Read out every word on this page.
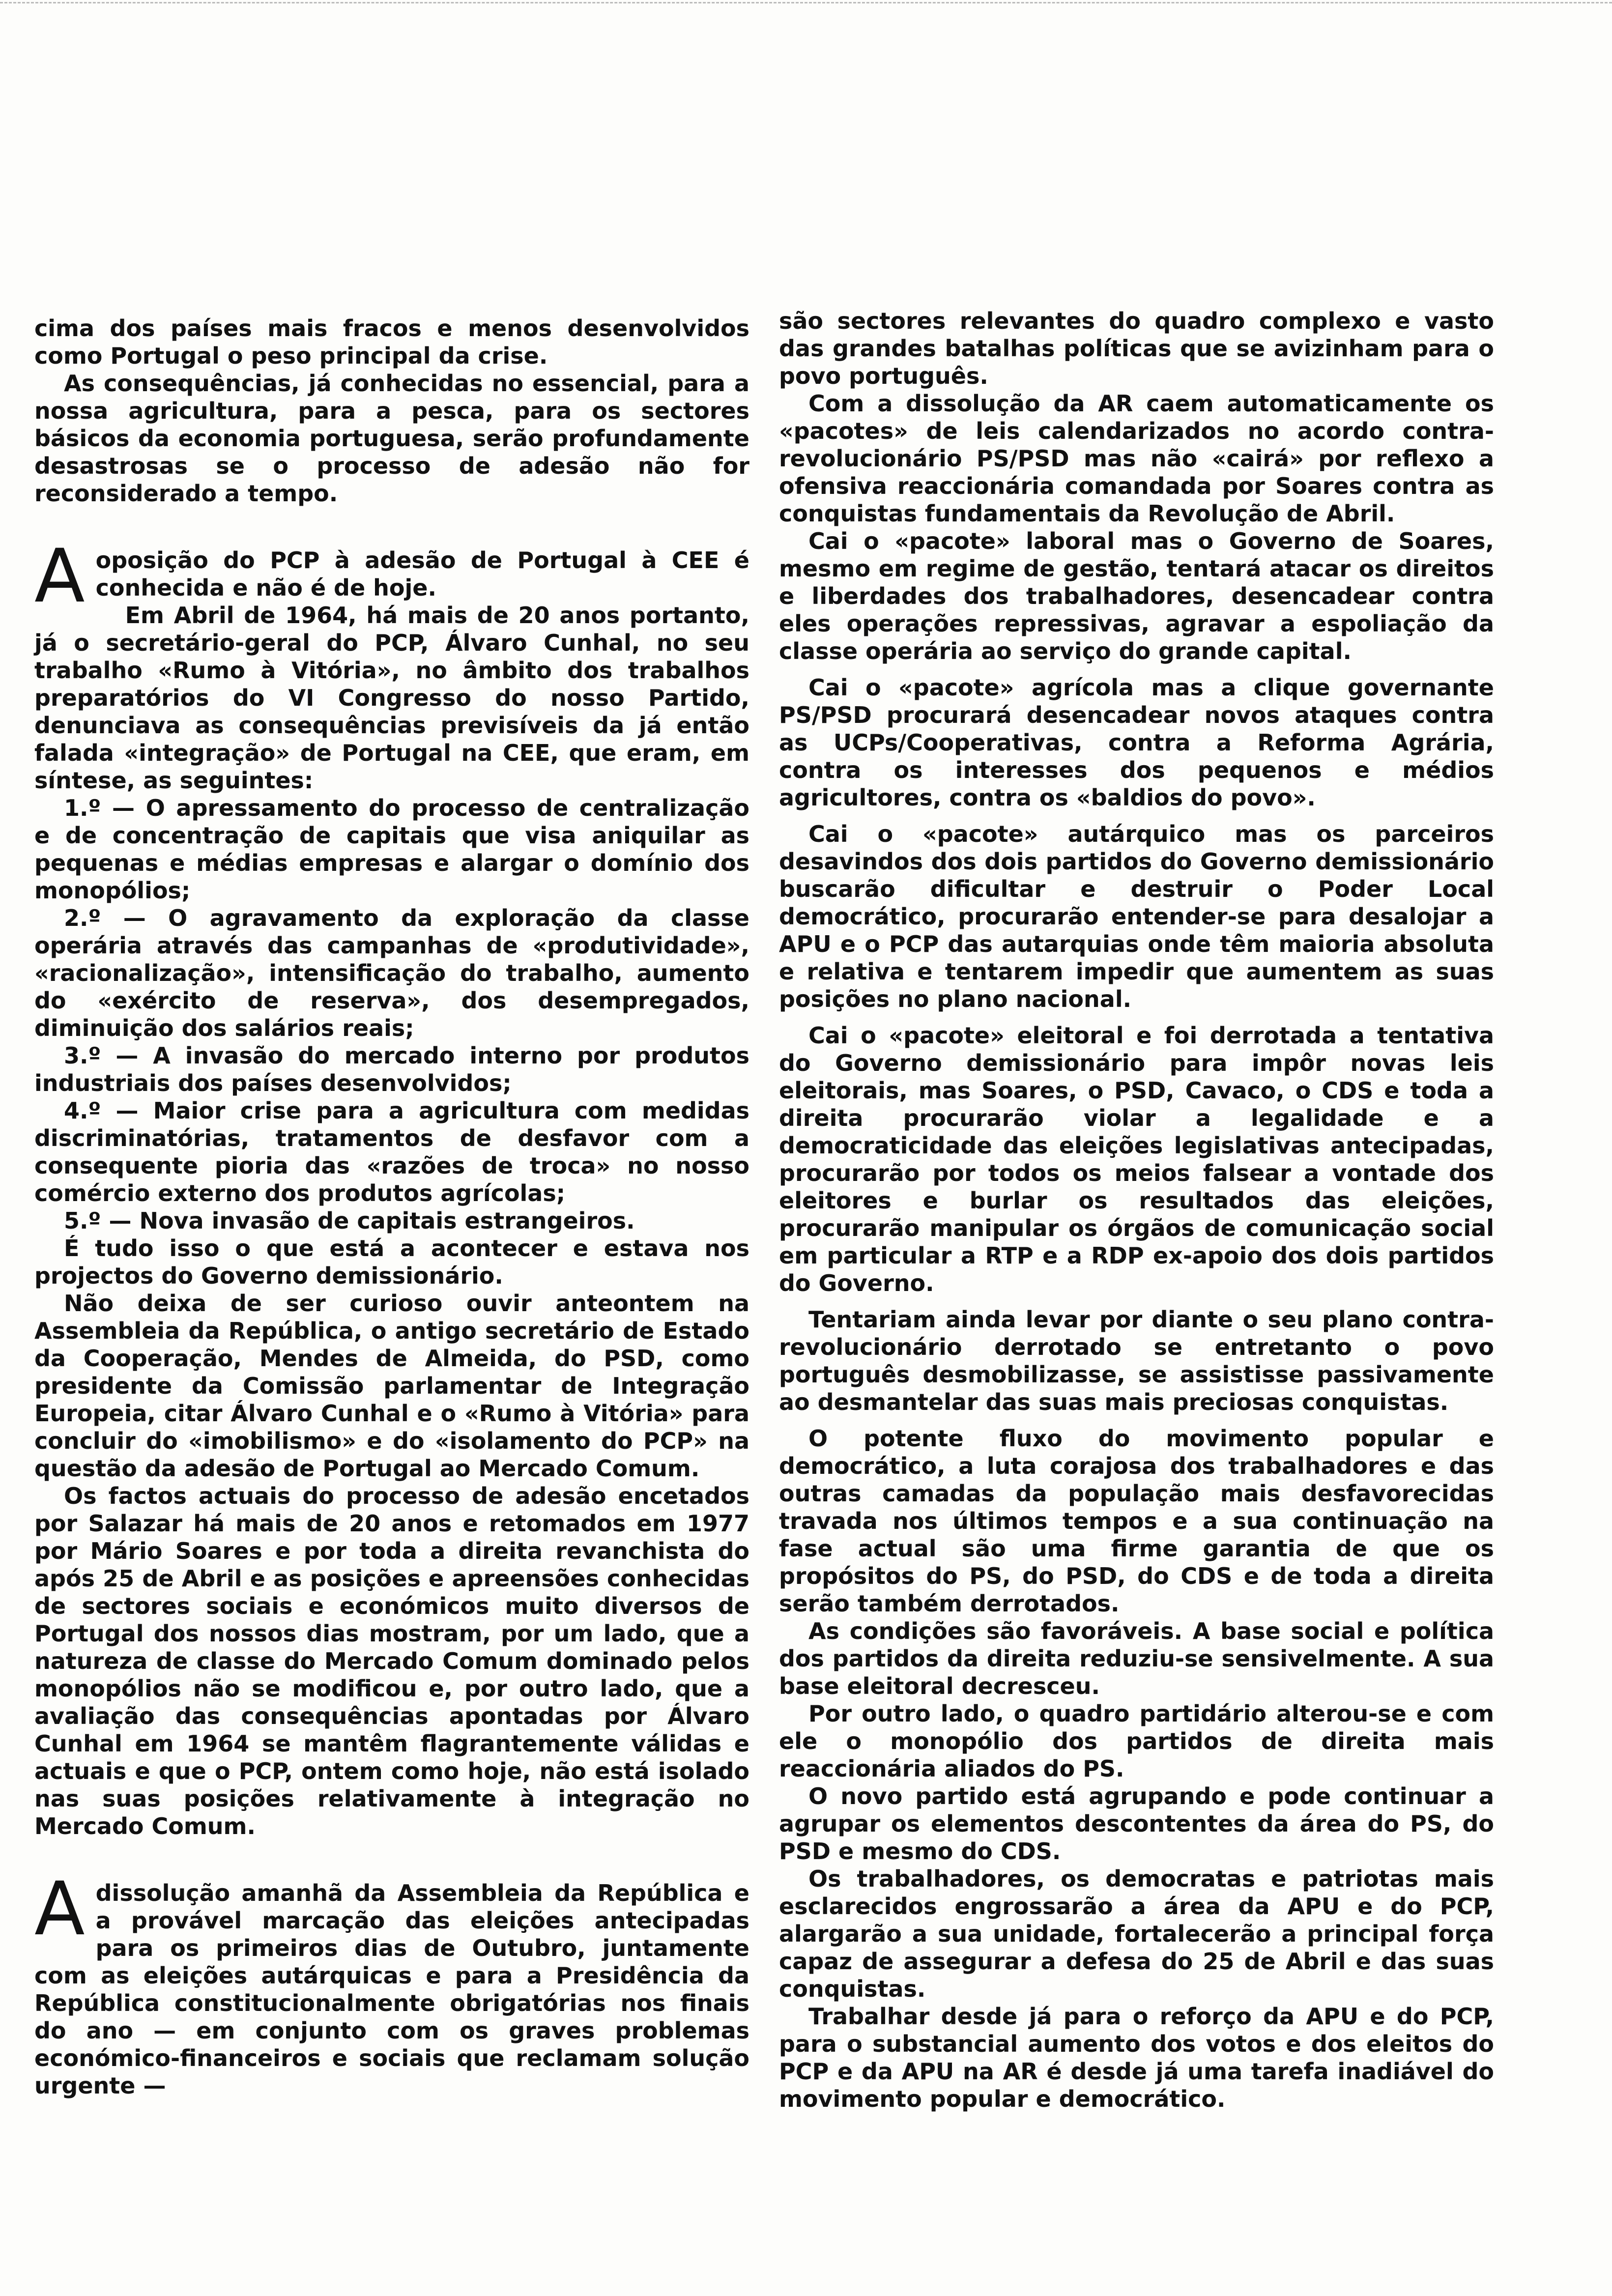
cima dos países mais fracos e menos desenvolvidos como Portugal o peso principal da crise.

As consequências, já conhecidas no essencial, para a nossa agricultura, para a pesca, para os sectores básicos da economia portuguesa, serão profundamente desastrosas se o processo de adesão não for reconsiderado a tempo.

A oposição do PCP à adesão de Portugal à CEE é conhecida e não é de hoje.

Em Abril de 1964, há mais de 20 anos portanto, já o secretário-geral do PCP, Álvaro Cunhal, no seu trabalho «Rumo à Vitória», no âmbito dos trabalhos preparatórios do VI Congresso do nosso Partido, denunciava as consequências previsíveis da já então falada «integração» de Portugal na CEE, que eram, em síntese, as seguintes:

1.º — O apressamento do processo de centralização e de concentração de capitais que visa aniquilar as pequenas e médias empresas e alargar o domínio dos monopólios;

2.º — O agravamento da exploração da classe operária através das campanhas de «produtividade», «racionalização», intensificação do trabalho, aumento do «exército de reserva», dos desempregados, diminuição dos salários reais;

3.º — A invasão do mercado interno por produtos industriais dos países desenvolvidos;

4.º — Maior crise para a agricultura com medidas discriminatórias, tratamentos de desfavor com a consequente pioria das «razões de troca» no nosso comércio externo dos produtos agrícolas;

5.º — Nova invasão de capitais estrangeiros.

É tudo isso o que está a acontecer e estava nos projectos do Governo demissionário.

Não deixa de ser curioso ouvir anteontem na Assembleia da República, o antigo secretário de Estado da Cooperação, Mendes de Almeida, do PSD, como presidente da Comissão parlamentar de Integração Europeia, citar Álvaro Cunhal e o «Rumo à Vitória» para concluir do «imobilismo» e do «isolamento do PCP» na questão da adesão de Portugal ao Mercado Comum.

Os factos actuais do processo de adesão encetados por Salazar há mais de 20 anos e retomados em 1977 por Mário Soares e por toda a direita revanchista do após 25 de Abril e as posições e apreensões conhecidas de sectores sociais e económicos muito diversos de Portugal dos nossos dias mostram, por um lado, que a natureza de classe do Mercado Comum dominado pelos monopólios não se modificou e, por outro lado, que a avaliação das consequências apontadas por Álvaro Cunhal em 1964 se mantêm flagrantemente válidas e actuais e que o PCP, ontem como hoje, não está isolado nas suas posições relativamente à integração no Mercado Comum.

A dissolução amanhã da Assembleia da República e a provável marcação das eleições antecipadas para os primeiros dias de Outubro, juntamente com as eleições autárquicas e para a Presidência da República constitucionalmente obrigatórias nos finais do ano — em conjunto com os graves problemas económico-financeiros e sociais que reclamam solução urgente —

são sectores relevantes do quadro complexo e vasto das grandes batalhas políticas que se avizinham para o povo português.

Com a dissolução da AR caem automaticamente os «pacotes» de leis calendarizados no acordo contra-revolucionário PS/PSD mas não «cairá» por reflexo a ofensiva reaccionária comandada por Soares contra as conquistas fundamentais da Revolução de Abril.

Cai o «pacote» laboral mas o Governo de Soares, mesmo em regime de gestão, tentará atacar os direitos e liberdades dos trabalhadores, desencadear contra eles operações repressivas, agravar a espoliação da classe operária ao serviço do grande capital.

Cai o «pacote» agrícola mas a clique governante PS/PSD procurará desencadear novos ataques contra as UCPs/Cooperativas, contra a Reforma Agrária, contra os interesses dos pequenos e médios agricultores, contra os «baldios do povo».

Cai o «pacote» autárquico mas os parceiros desavindos dos dois partidos do Governo demissionário buscarão dificultar e destruir o Poder Local democrático, procurarão entender-se para desalojar a APU e o PCP das autarquias onde têm maioria absoluta e relativa e tentarem impedir que aumentem as suas posições no plano nacional.

Cai o «pacote» eleitoral e foi derrotada a tentativa do Governo demissionário para impôr novas leis eleitorais, mas Soares, o PSD, Cavaco, o CDS e toda a direita procurarão violar a legalidade e a democraticidade das eleições legislativas antecipadas, procurarão por todos os meios falsear a vontade dos eleitores e burlar os resultados das eleições, procurarão manipular os órgãos de comunicação social em particular a RTP e a RDP ex-apoio dos dois partidos do Governo.

Tentariam ainda levar por diante o seu plano contra-revolucionário derrotado se entretanto o povo português desmobilizasse, se assistisse passivamente ao desmantelar das suas mais preciosas conquistas.

O potente fluxo do movimento popular e democrático, a luta corajosa dos trabalhadores e das outras camadas da população mais desfavorecidas travada nos últimos tempos e a sua continuação na fase actual são uma firme garantia de que os propósitos do PS, do PSD, do CDS e de toda a direita serão também derrotados.

As condições são favoráveis. A base social e política dos partidos da direita reduziu-se sensivelmente. A sua base eleitoral decresceu.

Por outro lado, o quadro partidário alterou-se e com ele o monopólio dos partidos de direita mais reaccionária aliados do PS.

O novo partido está agrupando e pode continuar a agrupar os elementos descontentes da área do PS, do PSD e mesmo do CDS.

Os trabalhadores, os democratas e patriotas mais esclarecidos engrossarão a área da APU e do PCP, alargarão a sua unidade, fortalecerão a principal força capaz de assegurar a defesa do 25 de Abril e das suas conquistas.

Trabalhar desde já para o reforço da APU e do PCP, para o substancial aumento dos votos e dos eleitos do PCP e da APU na AR é desde já uma tarefa inadiável do movimento popular e democrático.
